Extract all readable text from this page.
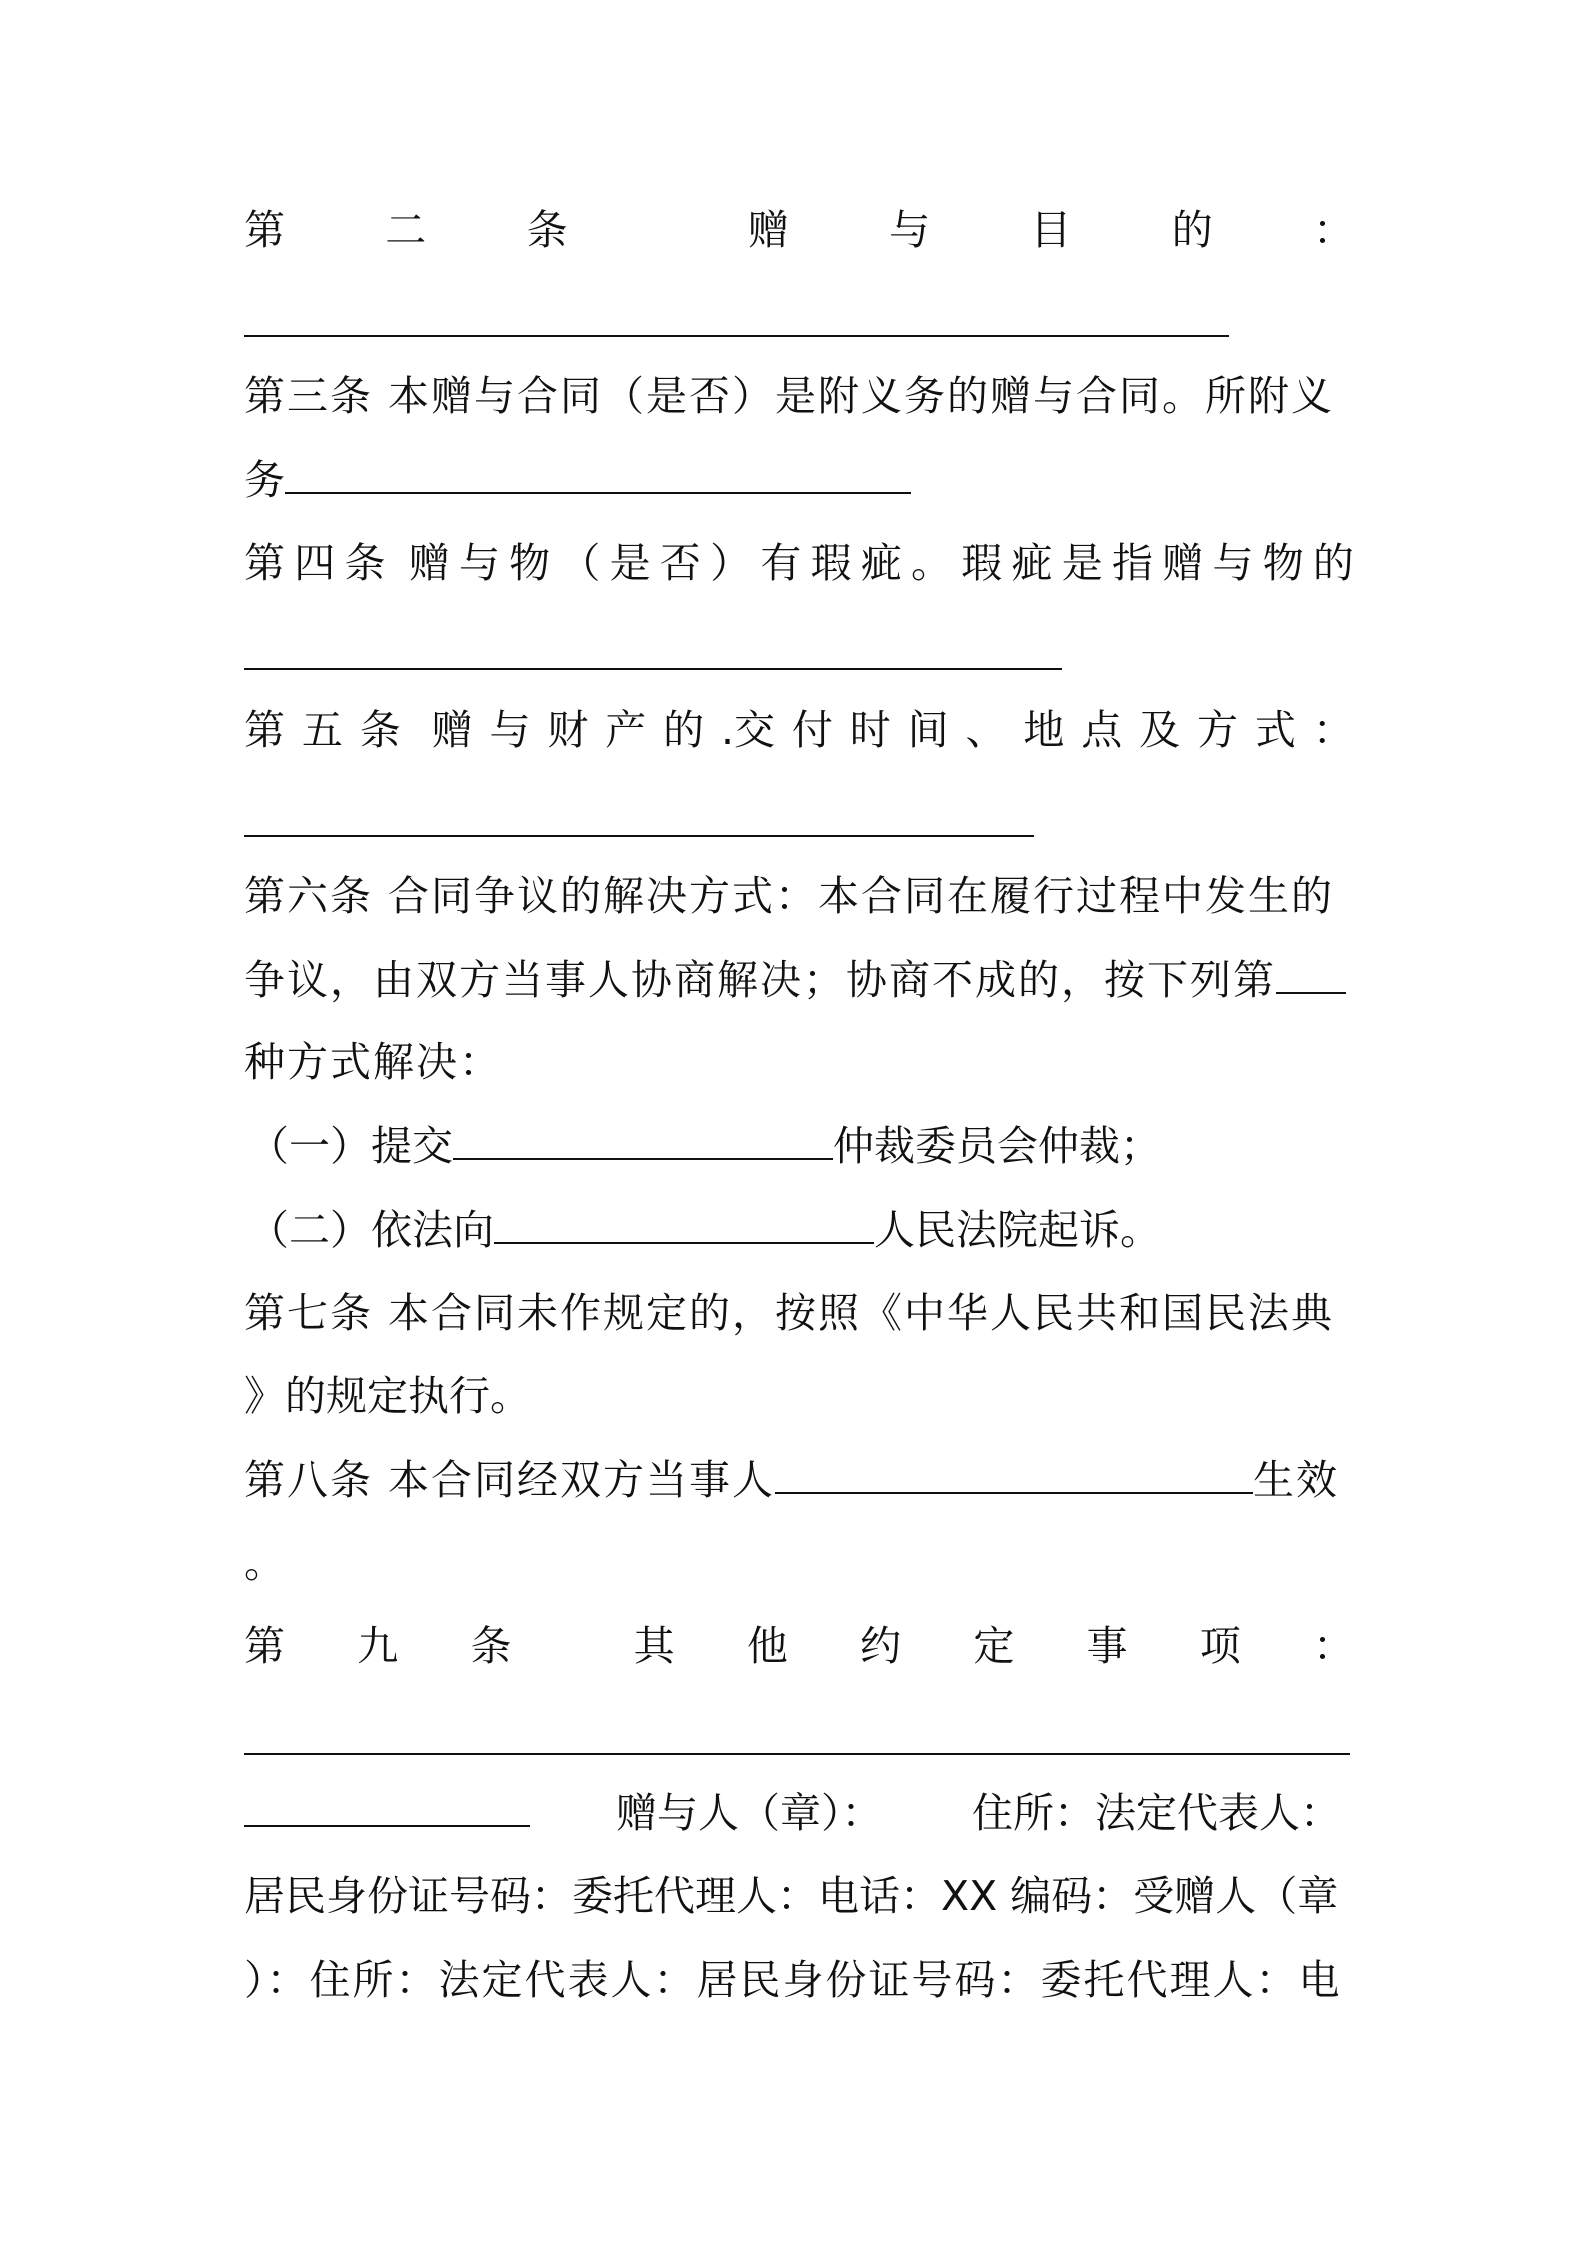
第 二 条	赠 与 目 的 ：
第三条 本赠与合同（是否）是附义务的赠与合同。所附义
务
第 四 条 赠 与 物 （ 是 否 ） 有 瑕 疵 。 瑕 疵 是 指 赠 与 物 的
第 五 条 赠 与 财 产 的 .交 付 时 间 、 地 点 及 方 式 ：
第六条 合同争议的解决方式：本合同在履行过程中发生的
争议，由双方当事人协商解决；协商不成的，按下列第
种方式解决：
（一）提交	仲裁委员会仲裁；
（二）依法向	人民法院起诉。
第七条 本合同未作规定的，按照《中华人民共和国民法典
》的规定执行。
第八条 本合同经双方当事人	生效
。
第 九 条	其 他 约 定 事 项 ：
赠与人（章）： 住所：法定代表人：
居民身份证号码：委托代理人：电话：XX 编码：受赠人（章
）：住所：法定代表人：居民身份证号码：委托代理人：电
